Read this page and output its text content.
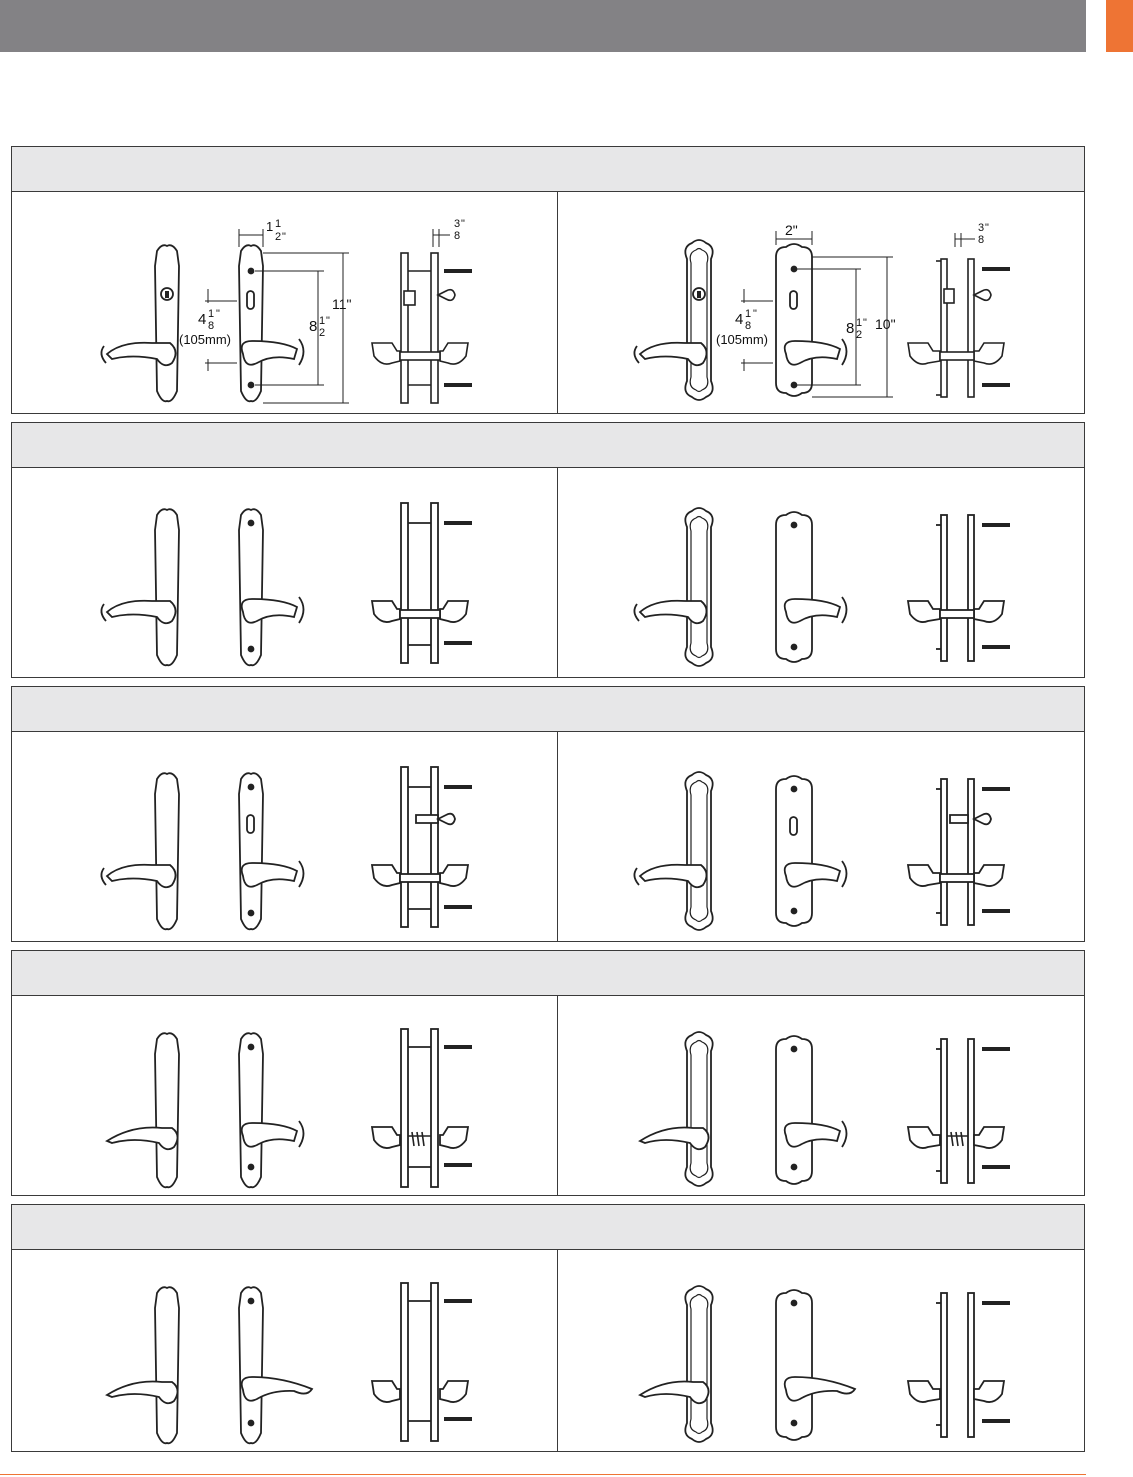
1 1
2 "
3
8
"
4 1
8
"
(105mm)
8 1
2
"
11"
2"	3
8
"
4 1
8
"
(105mm)
8 1
2
" 10"
